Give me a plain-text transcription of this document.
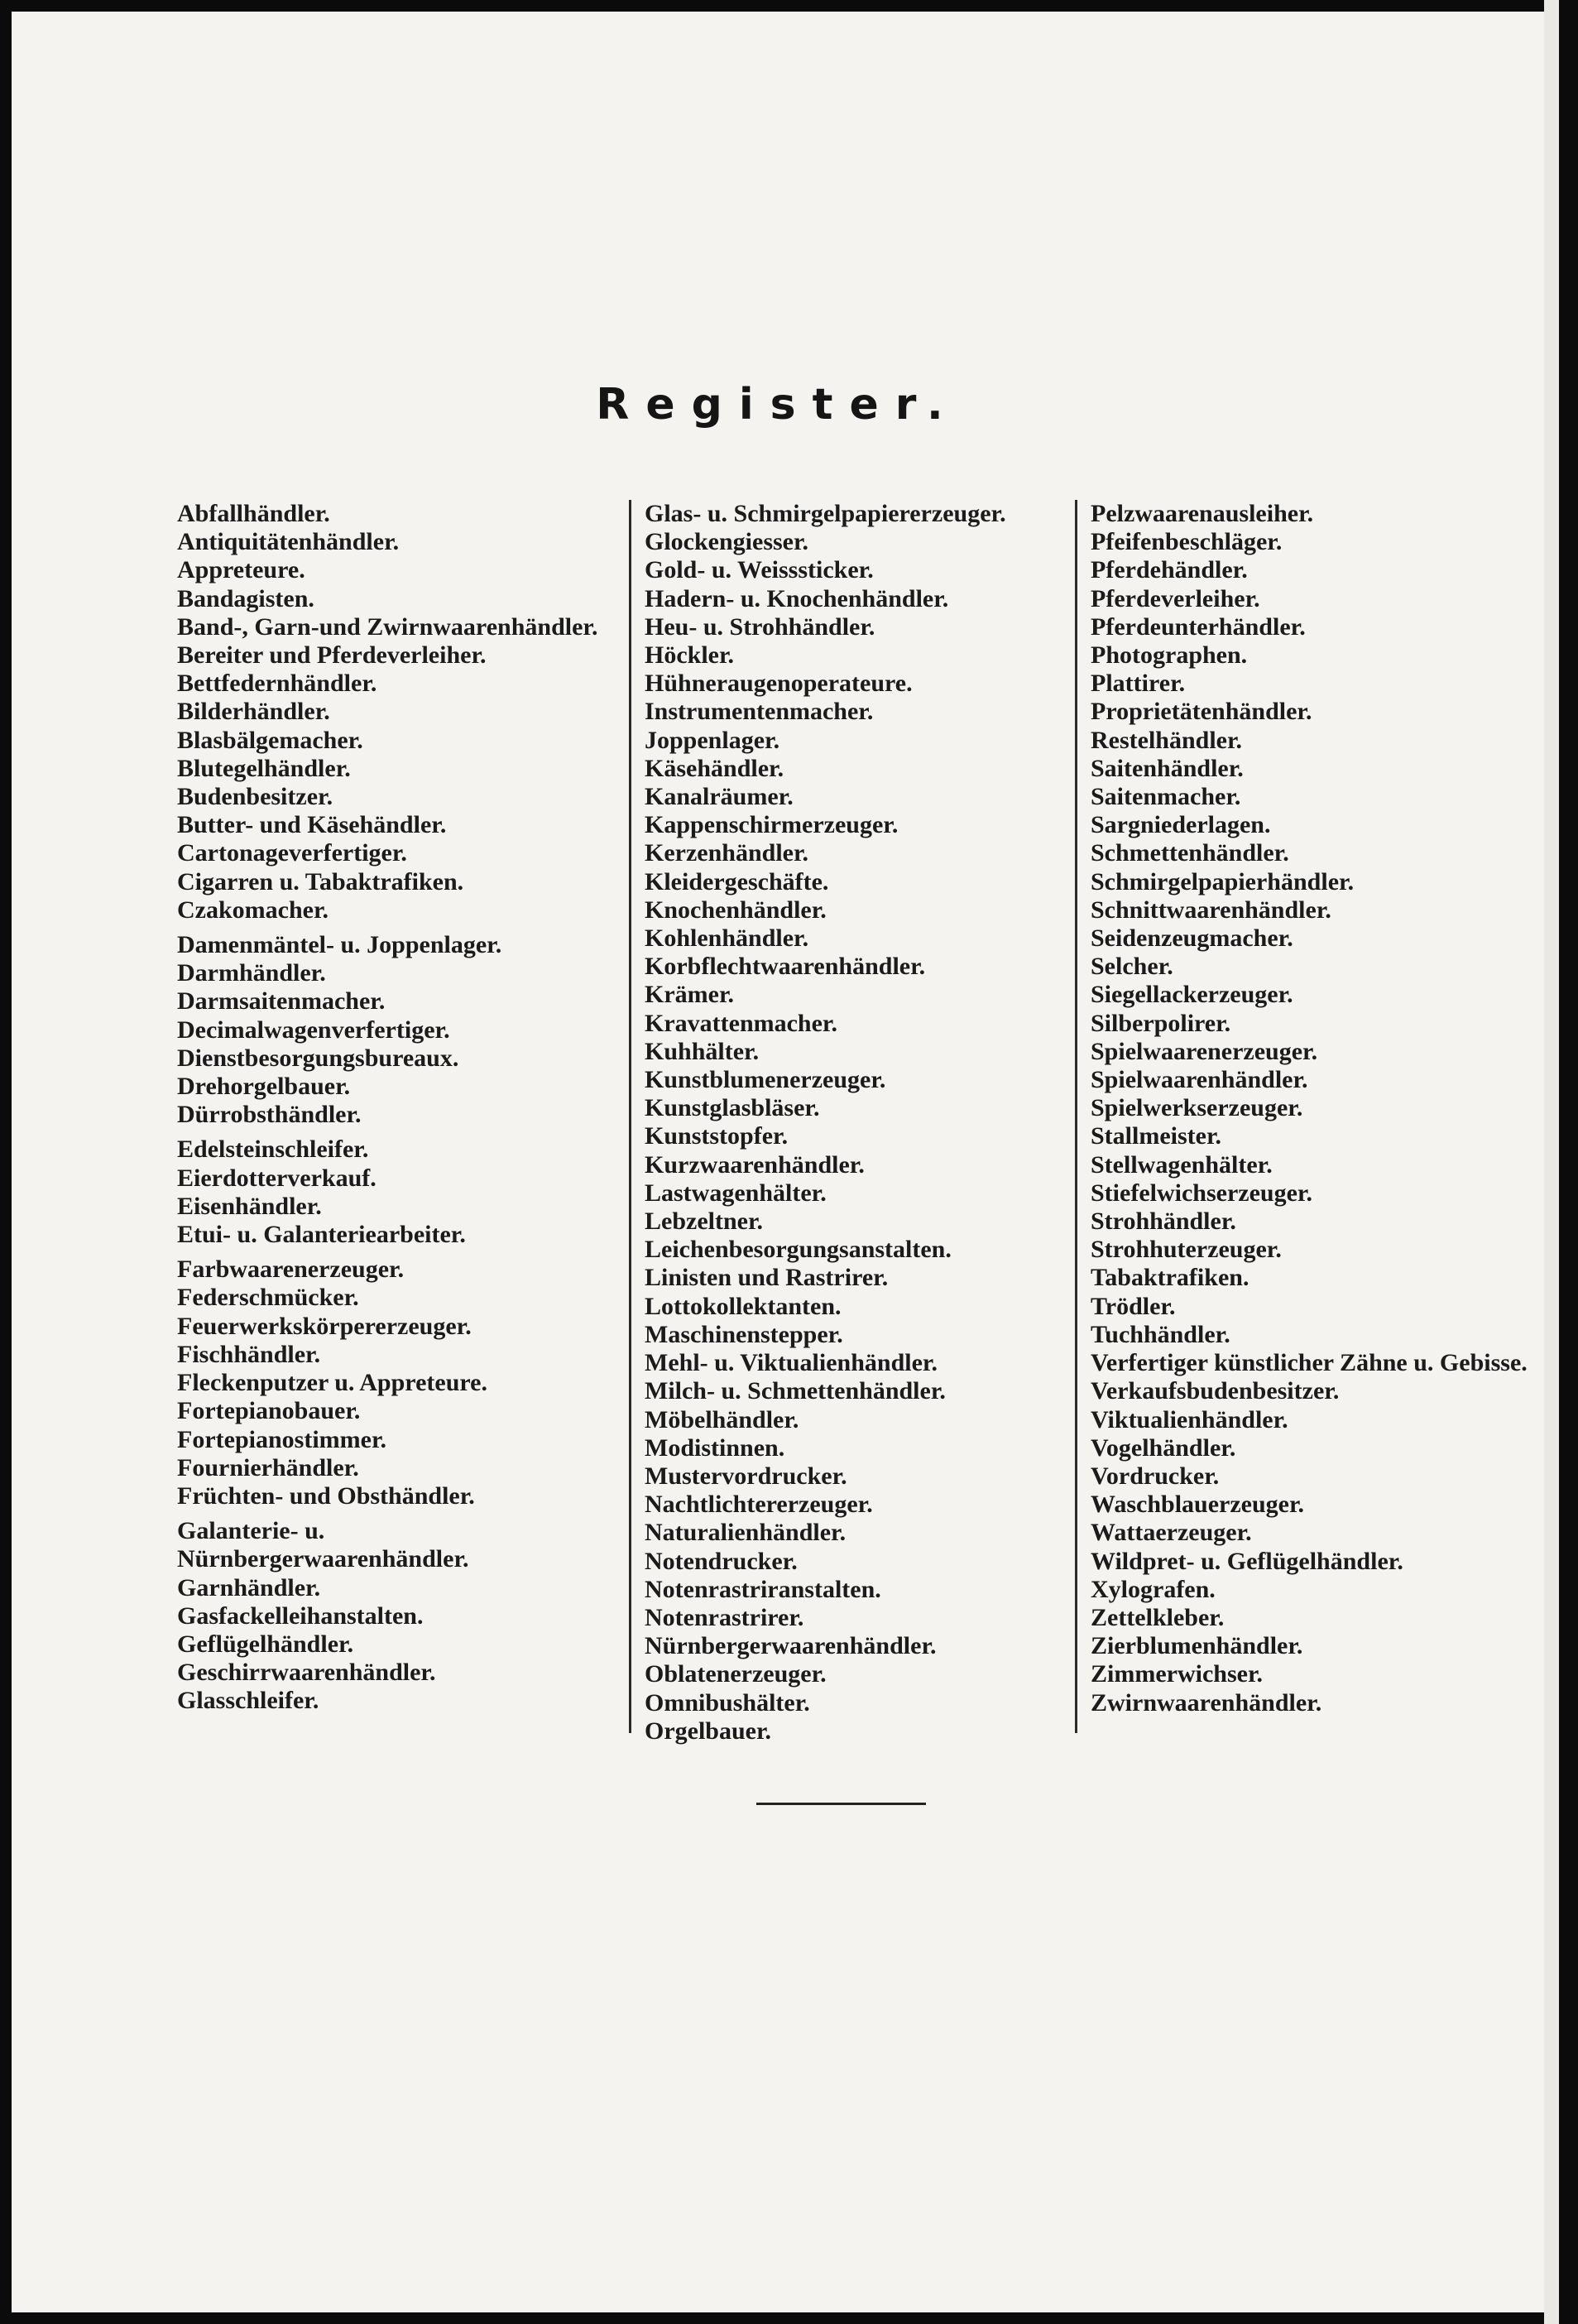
Register.
Abfallhändler.
Antiquitätenhändler.
Appreteure.
Bandagisten.
Band-, Garn-und Zwirnwaarenhändler.
Bereiter und Pferdeverleiher.
Bettfedernhändler.
Bilderhändler.
Blasbälgemacher.
Blutegelhändler.
Budenbesitzer.
Butter- und Käsehändler.
Cartonageverfertiger.
Cigarren u. Tabaktrafiken.
Czakomacher.
Damenmäntel- u. Joppenlager.
Darmhändler.
Darmsaitenmacher.
Decimalwagenverfertiger.
Dienstbesorgungsbureaux.
Drehorgelbauer.
Dürrobsthändler.
Edelsteinschleifer.
Eierdotterverkauf.
Eisenhändler.
Etui- u. Galanteriearbeiter.
Farbwaarenerzeuger.
Federschmücker.
Feuerwerkskörpererzeuger.
Fischhändler.
Fleckenputzer u. Appreteure.
Fortepianobauer.
Fortepianostimmer.
Fournierhändler.
Früchten- und Obsthändler.
Galanterie- u. Nürnbergerwaarenhändler.
Garnhändler.
Gasfackelleihanstalten.
Geflügelhändler.
Geschirrwaarenhändler.
Glasschleifer.
Glas- u. Schmirgelpapiererzeuger.
Glockengiesser.
Gold- u. Weisssticker.
Hadern- u. Knochenhändler.
Heu- u. Strohhändler.
Höckler.
Hühneraugenoperateure.
Instrumentenmacher.
Joppenlager.
Käsehändler.
Kanalräumer.
Kappenschirmerzeuger.
Kerzenhändler.
Kleidergeschäfte.
Knochenhändler.
Kohlenhändler.
Korbflechtwaarenhändler.
Krämer.
Kravattenmacher.
Kuhhälter.
Kunstblumenerzeuger.
Kunstglasbläser.
Kunststopfer.
Kurzwaarenhändler.
Lastwagenhälter.
Lebzeltner.
Leichenbesorgungsanstalten.
Linisten und Rastrirer.
Lottokollektanten.
Maschinenstepper.
Mehl- u. Viktualienhändler.
Milch- u. Schmettenhändler.
Möbelhändler.
Modistinnen.
Mustervordrucker.
Nachtlichtererzeuger.
Naturalienhändler.
Notendrucker.
Notenrastriranstalten.
Notenrastrirer.
Nürnbergerwaarenhändler.
Oblatenerzeuger.
Omnibushälter.
Orgelbauer.
Pelzwaarenausleiher.
Pfeifenbeschläger.
Pferdehändler.
Pferdeverleiher.
Pferdeunterhändler.
Photographen.
Plattirer.
Proprietätenhändler.
Restelhändler.
Saitenhändler.
Saitenmacher.
Sargniederlagen.
Schmettenhändler.
Schmirgelpapierhändler.
Schnittwaarenhändler.
Seidenzeugmacher.
Selcher.
Siegellackerzeuger.
Silberpolirer.
Spielwaarenerzeuger.
Spielwaarenhändler.
Spielwerkserzeuger.
Stallmeister.
Stellwagenhälter.
Stiefelwichserzeuger.
Strohhändler.
Strohhuterzeuger.
Tabaktrafiken.
Trödler.
Tuchhändler.
Verfertiger künstlicher Zähne u. Gebisse.
Verkaufsbudenbesitzer.
Viktualienhändler.
Vogelhändler.
Vordrucker.
Waschblauerzeuger.
Wattaerzeuger.
Wildpret- u. Geflügelhändler.
Xylografen.
Zettelkleber.
Zierblumenhändler.
Zimmerwichser.
Zwirnwaarenhändler.
